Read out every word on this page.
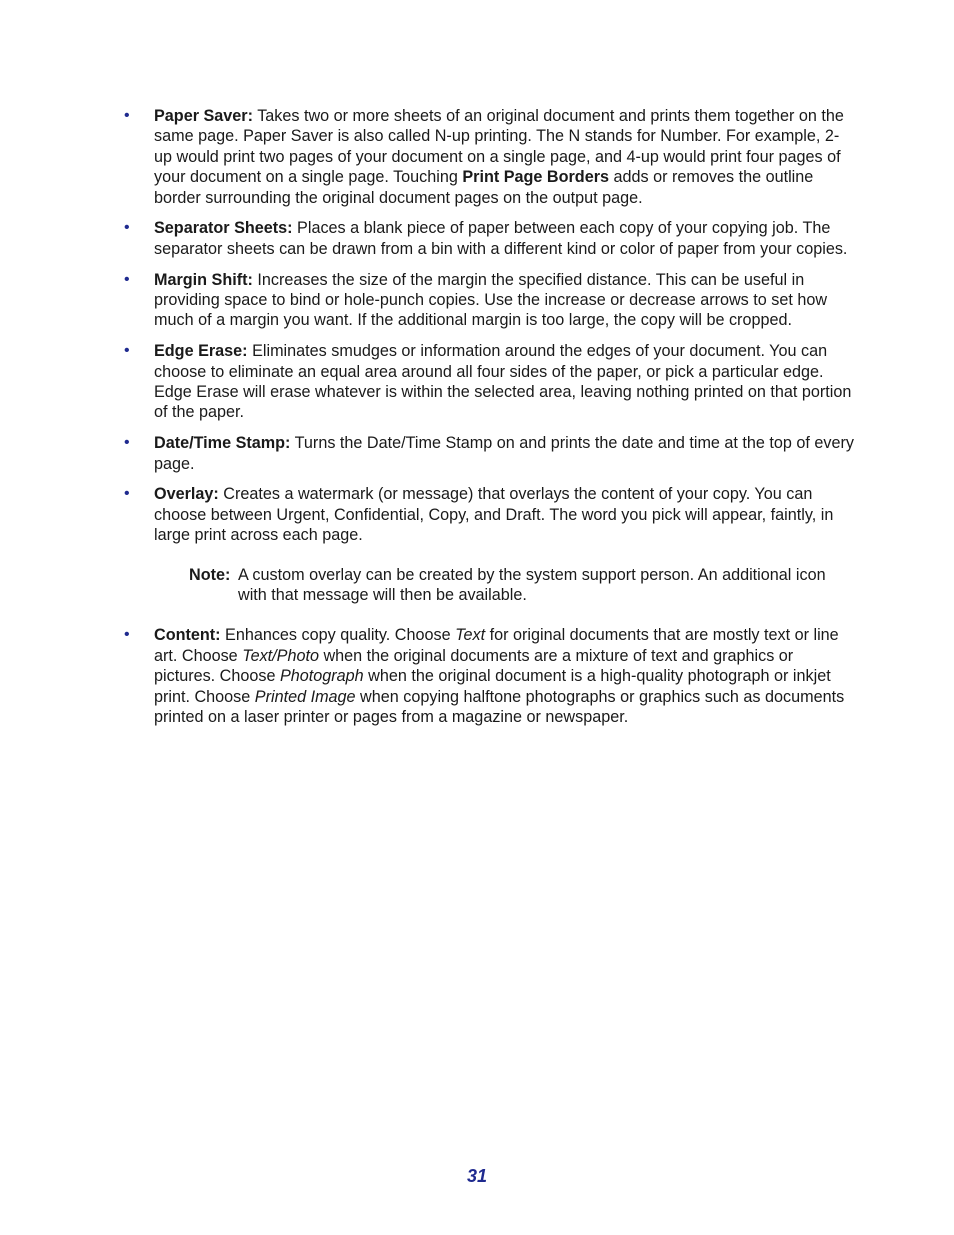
• Paper Saver: Takes two or more sheets of an original document and prints them together on the same page. Paper Saver is also called N-up printing. The N stands for Number. For example, 2-up would print two pages of your document on a single page, and 4-up would print four pages of your document on a single page. Touching Print Page Borders adds or removes the outline border surrounding the original document pages on the output page.
• Separator Sheets: Places a blank piece of paper between each copy of your copying job. The separator sheets can be drawn from a bin with a different kind or color of paper from your copies.
• Margin Shift: Increases the size of the margin the specified distance. This can be useful in providing space to bind or hole-punch copies. Use the increase or decrease arrows to set how much of a margin you want. If the additional margin is too large, the copy will be cropped.
• Edge Erase: Eliminates smudges or information around the edges of your document. You can choose to eliminate an equal area around all four sides of the paper, or pick a particular edge. Edge Erase will erase whatever is within the selected area, leaving nothing printed on that portion of the paper.
• Date/Time Stamp: Turns the Date/Time Stamp on and prints the date and time at the top of every page.
• Overlay: Creates a watermark (or message) that overlays the content of your copy. You can choose between Urgent, Confidential, Copy, and Draft. The word you pick will appear, faintly, in large print across each page.
Note: A custom overlay can be created by the system support person. An additional icon with that message will then be available.
• Content: Enhances copy quality. Choose Text for original documents that are mostly text or line art. Choose Text/Photo when the original documents are a mixture of text and graphics or pictures. Choose Photograph when the original document is a high-quality photograph or inkjet print. Choose Printed Image when copying halftone photographs or graphics such as documents printed on a laser printer or pages from a magazine or newspaper.
31
